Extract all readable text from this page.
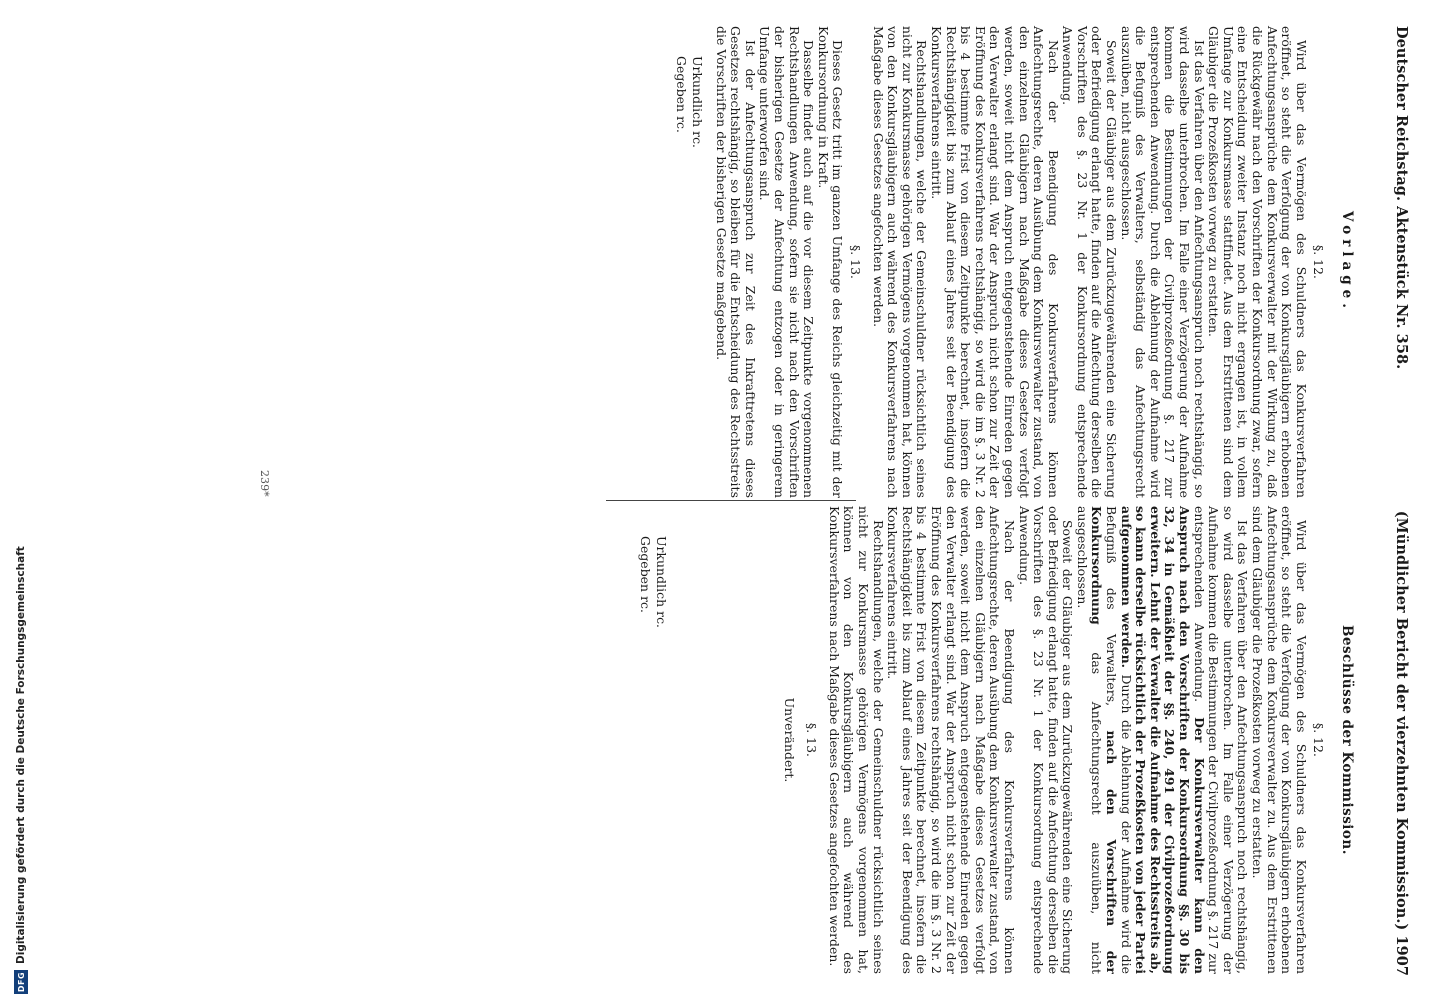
Deutscher Reichstag. Aktenstück Nr. 358.
(Mündlicher Bericht der vierzehnten Kommission.) 1907
Vorlage.
§. 12.

Wird über das Vermögen des Schuldners das Konkursverfahren eröffnet, so steht die Verfolgung der von Konkursgläubigern erhobenen Anfechtungsansprüche dem Konkursverwalter mit der Wirkung zu, daß die Rückgewähr nach den Vorschriften der Konkursordnung zwar, sofern eine Entscheidung zweiter Instanz noch nicht ergangen ist, in vollem Umfange zur Konkursmasse stattfindet. Aus dem Erstrittenen sind dem Gläubiger die Prozeßkosten vorweg zu erstatten.

Ist das Verfahren über den Anfechtungsanspruch noch rechtshängig, so wird dasselbe unterbrochen. Im Falle einer Verzögerung der Aufnahme kommen die Bestimmungen der Civilprozeßordnung §. 217 zur entsprechenden Anwendung. Durch die Ablehnung der Aufnahme wird die Befugniß des Verwalters, selbständig das Anfechtungsrecht auszuüben, nicht ausgeschlossen.

Soweit der Gläubiger aus dem Zurückzugewährenden eine Sicherung oder Befriedigung erlangt hatte, finden auf die Anfechtung derselben die Vorschriften des §. 23 Nr. 1 der Konkursordnung entsprechende Anwendung.

Nach der Beendigung des Konkursverfahrens können Anfechtungsrechte, deren Ausübung dem Konkursverwalter zustand, von den einzelnen Gläubigern nach Maßgabe dieses Gesetzes verfolgt werden, soweit nicht dem Anspruch entgegenstehende Einreden gegen den Verwalter erlangt sind. War der Anspruch nicht schon zur Zeit der Eröffnung des Konkursverfahrens rechtshängig, so wird die im §. 3 Nr. 2 bis 4 bestimmte Frist von diesem Zeitpunkte berechnet, insofern die Rechtshängigkeit bis zum Ablauf eines Jahres seit der Beendigung des Konkursverfahrens eintritt.

Rechtshandlungen, welche der Gemeinschuldner rücksichtlich seines nicht zur Konkursmasse gehörigen Vermögens vorgenommen hat, können von den Konkursgläubigern auch während des Konkursverfahrens nach Maßgabe dieses Gesetzes angefochten werden.

§. 13.

Dieses Gesetz tritt im ganzen Umfange des Reichs gleichzeitig mit der Konkursordnung in Kraft.

Dasselbe findet auch auf die vor diesem Zeitpunkte vorgenommenen Rechtshandlungen Anwendung, sofern sie nicht nach den Vorschriften der bisherigen Gesetze der Anfechtung entzogen oder in geringerem Umfange unterworfen sind.

Ist der Anfechtungsanspruch zur Zeit des Inkrafttretens dieses Gesetzes rechtshängig, so bleiben für die Entscheidung des Rechtsstreits die Vorschriften der bisherigen Gesetze maßgebend.

Urkundlich rc.
Gegeben rc.
Beschlüsse der Kommission.
§. 12.

Wird über das Vermögen des Schuldners das Konkursverfahren eröffnet, so steht die Verfolgung der von Konkursgläubigern erhobenen Anfechtungsansprüche dem Konkursverwalter zu. Aus dem Erstrittenen sind dem Gläubiger die Prozeßkosten vorweg zu erstatten.

Ist das Verfahren über den Anfechtungsanspruch noch rechtshängig, so wird dasselbe unterbrochen. Im Falle einer Verzögerung der Aufnahme kommen die Bestimmungen der Civilprozeßordnung §. 217 zur entsprechenden Anwendung. Der Konkursverwalter kann den Anspruch nach den Vorschriften der Konkursordnung §§. 30 bis 32, 34 in Gemäßheit der §§. 240, 491 der Civilprozeßordnung erweitern. Lehnt der Verwalter die Aufnahme des Rechtsstreits ab, so kann derselbe rücksichtlich der Prozeßkosten von jeder Partei aufgenommen werden. Durch die Ablehnung der Aufnahme wird die Befugniß des Verwalters, nach den Vorschriften der Konkursordnung das Anfechtungsrecht auszuüben, nicht ausgeschlossen.

Soweit der Gläubiger aus dem Zurückzugewährenden eine Sicherung oder Befriedigung erlangt hatte, finden auf die Anfechtung derselben die Vorschriften des §. 23 Nr. 1 der Konkursordnung entsprechende Anwendung.

Nach der Beendigung des Konkursverfahrens können Anfechtungsrechte, deren Ausübung dem Konkursverwalter zustand, von den einzelnen Gläubigern nach Maßgabe dieses Gesetzes verfolgt werden, soweit nicht dem Anspruch entgegenstehende Einreden gegen den Verwalter erlangt sind. War der Anspruch nicht schon zur Zeit der Eröffnung des Konkursverfahrens rechtshängig, so wird die im §. 3 Nr. 2 bis 4 bestimmte Frist von diesem Zeitpunkte berechnet, insofern die Rechtshängigkeit bis zum Ablauf eines Jahres seit der Beendigung des Konkursverfahrens eintritt.

Rechtshandlungen, welche der Gemeinschuldner rücksichtlich seines nicht zur Konkursmasse gehörigen Vermögens vorgenommen hat, können von den Konkursgläubigern auch während des Konkursverfahrens nach Maßgabe dieses Gesetzes angefochten werden.

§. 13.
Unverändert.
Urkundlich rc.
Gegeben rc.
239*
DFG
Digitalisierung gefördert durch die Deutsche Forschungsgemeinschaft
